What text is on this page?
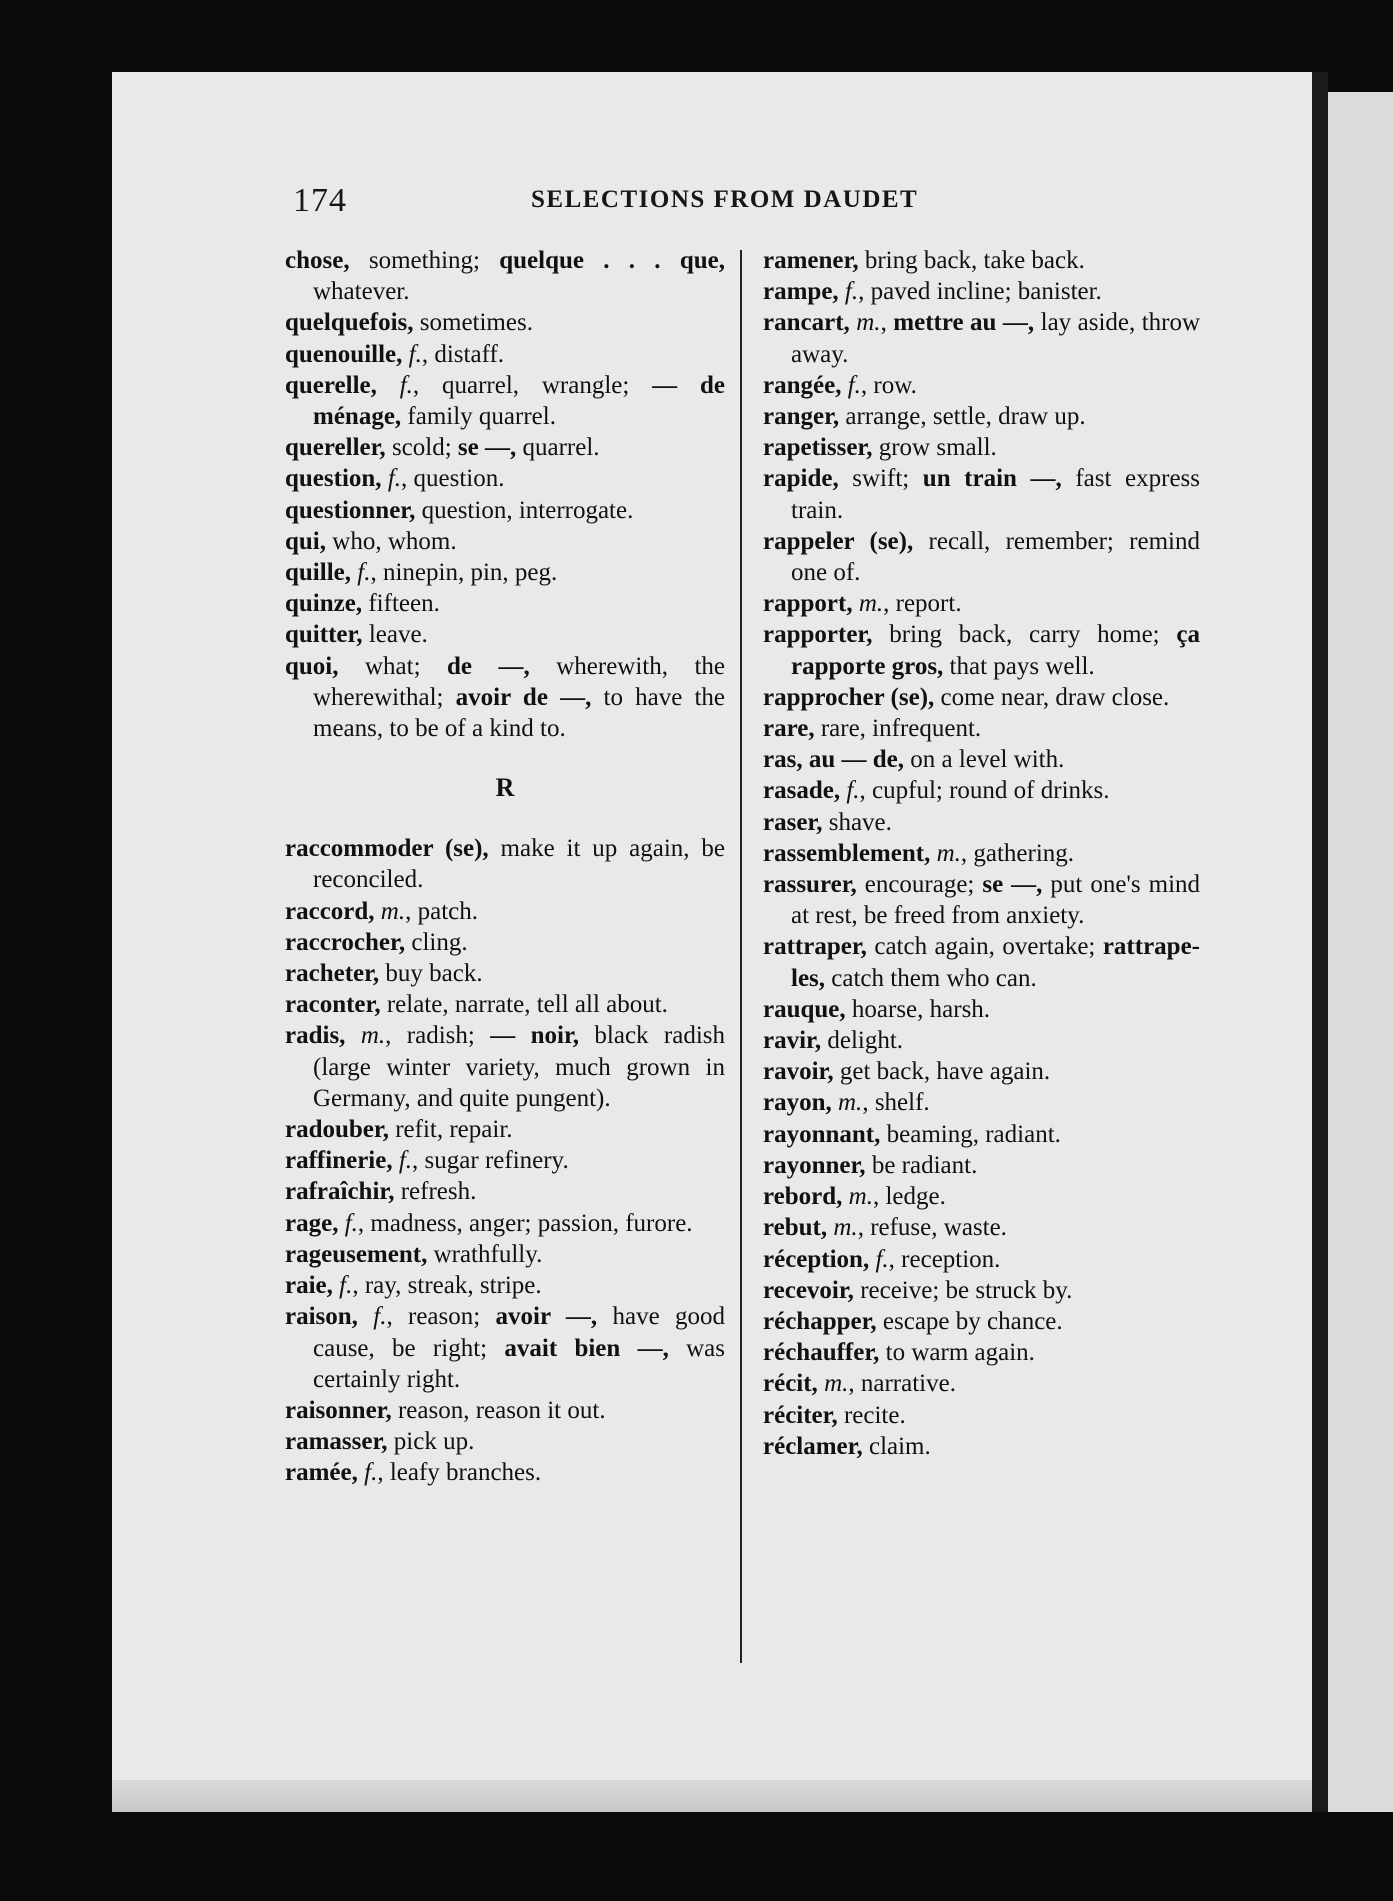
174	SELECTIONS FROM DAUDET

chose, something; quelque . . . que, whatever.

quelquefois, sometimes.

quenouille, f., distaff.

querelle, f., quarrel, wrangle; — de ménage, family quarrel.

quereller, scold; se —, quarrel.

question, f., question.

questionner, question, interrogate.

qui, who, whom.

quille, f., ninepin, pin, peg.

quinze, fifteen.

quitter, leave.

quoi, what; de —, wherewith, the wherewithal; avoir de —, to have the means, to be of a kind to.

R

raccommoder (se), make it up again, be reconciled.

raccord, m., patch.

raccrocher, cling.

racheter, buy back.

raconter, relate, narrate, tell all about.

radis, m., radish; — noir, black radish (large winter variety, much grown in Germany, and quite pungent).

radouber, refit, repair.

raffinerie, f., sugar refinery.

rafraîchir, refresh.

rage, f., madness, anger; passion, furore.

rageusement, wrathfully.

raie, f., ray, streak, stripe.

raison, f., reason; avoir —, have good cause, be right; avait bien —, was certainly right.

raisonner, reason, reason it out.

ramasser, pick up.

ramée, f., leafy branches.

ramener, bring back, take back.

rampe, f., paved incline; banister.

rancart, m., mettre au —, lay aside, throw away.

rangée, f., row.

ranger, arrange, settle, draw up.

rapetisser, grow small.

rapide, swift; un train —, fast express train.

rappeler (se), recall, remember; remind one of.

rapport, m., report.

rapporter, bring back, carry home; ça rapporte gros, that pays well.

rapprocher (se), come near, draw close.

rare, rare, infrequent.

ras, au — de, on a level with.

rasade, f., cupful; round of drinks.

raser, shave.

rassemblement, m., gathering.

rassurer, encourage; se —, put one's mind at rest, be freed from anxiety.

rattraper, catch again, overtake; rattrape-les, catch them who can.

rauque, hoarse, harsh.

ravir, delight.

ravoir, get back, have again.

rayon, m., shelf.

rayonnant, beaming, radiant.

rayonner, be radiant.

rebord, m., ledge.

rebut, m., refuse, waste.

réception, f., reception.

recevoir, receive; be struck by.

réchapper, escape by chance.

réchauffer, to warm again.

récit, m., narrative.

réciter, recite.

réclamer, claim.
